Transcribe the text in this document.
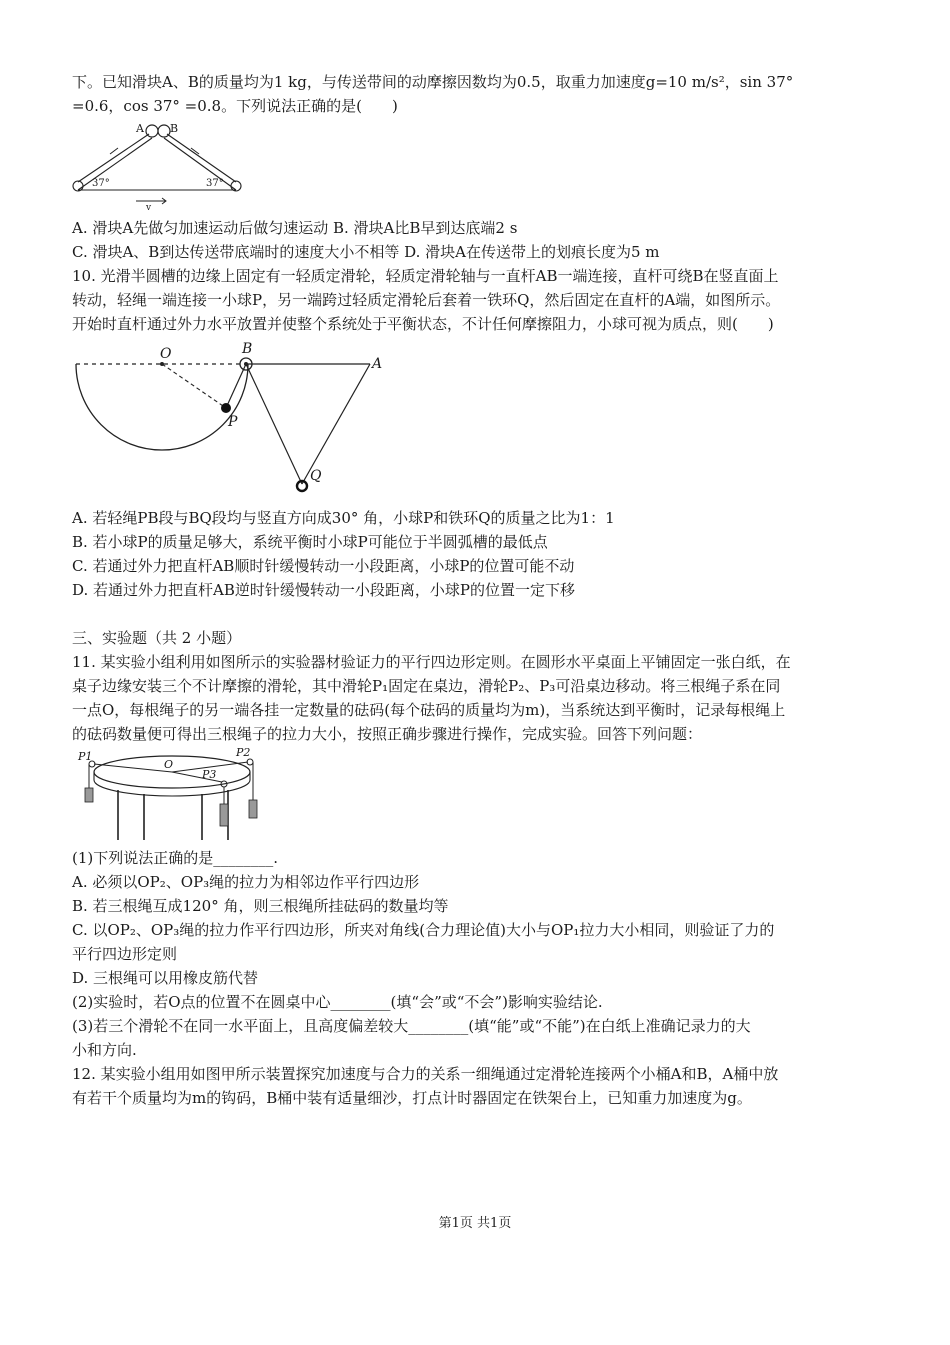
下。已知滑块A、B的质量均为1 kg，与传送带间的动摩擦因数均为0.5，取重力加速度g=10 m/s²，sin 37°
=0.6，cos 37° =0.8。下列说法正确的是(　　)
A B
37°	37°
v
A. 滑块A先做匀加速运动后做匀速运动 B. 滑块A比B早到达底端2 s
C. 滑块A、B到达传送带底端时的速度大小不相等 D. 滑块A在传送带上的划痕长度为5 m
10. 光滑半圆槽的边缘上固定有一轻质定滑轮，轻质定滑轮轴与一直杆AB一端连接，直杆可绕B在竖直面上
转动，轻绳一端连接一小球P，另一端跨过轻质定滑轮后套着一铁环Q，然后固定在直杆的A端，如图所示。
开始时直杆通过外力水平放置并使整个系统处于平衡状态，不计任何摩擦阻力，小球可视为质点，则(　　)
O	B
A
P
Q
A. 若轻绳PB段与BQ段均与竖直方向成30° 角，小球P和铁环Q的质量之比为1：1
B. 若小球P的质量足够大，系统平衡时小球P可能位于半圆弧槽的最低点
C. 若通过外力把直杆AB顺时针缓慢转动一小段距离，小球P的位置可能不动
D. 若通过外力把直杆AB逆时针缓慢转动一小段距离，小球P的位置一定下移
三、实验题（共 2 小题）
11. 某实验小组利用如图所示的实验器材验证力的平行四边形定则。在圆形水平桌面上平铺固定一张白纸，在
桌子边缘安装三个不计摩擦的滑轮，其中滑轮P₁固定在桌边，滑轮P₂、P₃可沿桌边移动。将三根绳子系在同
一点O，每根绳子的另一端各挂一定数量的砝码(每个砝码的质量均为m)，当系统达到平衡时，记录每根绳上
的砝码数量便可得出三根绳子的拉力大小，按照正确步骤进行操作，完成实验。回答下列问题：
P1	P2
P3
O
(1)下列说法正确的是________.
A. 必须以OP₂、OP₃绳的拉力为相邻边作平行四边形
B. 若三根绳互成120° 角，则三根绳所挂砝码的数量均等
C. 以OP₂、OP₃绳的拉力作平行四边形，所夹对角线(合力理论值)大小与OP₁拉力大小相同，则验证了力的
平行四边形定则
D. 三根绳可以用橡皮筋代替
(2)实验时，若O点的位置不在圆桌中心________(填“会”或“不会”)影响实验结论.
(3)若三个滑轮不在同一水平面上，且高度偏差较大________(填“能”或“不能”)在白纸上准确记录力的大
小和方向.
12. 某实验小组用如图甲所示装置探究加速度与合力的关系一细绳通过定滑轮连接两个小桶A和B，A桶中放
有若干个质量均为m的钩码，B桶中装有适量细沙，打点计时器固定在铁架台上，已知重力加速度为g。
第1页 共1页
